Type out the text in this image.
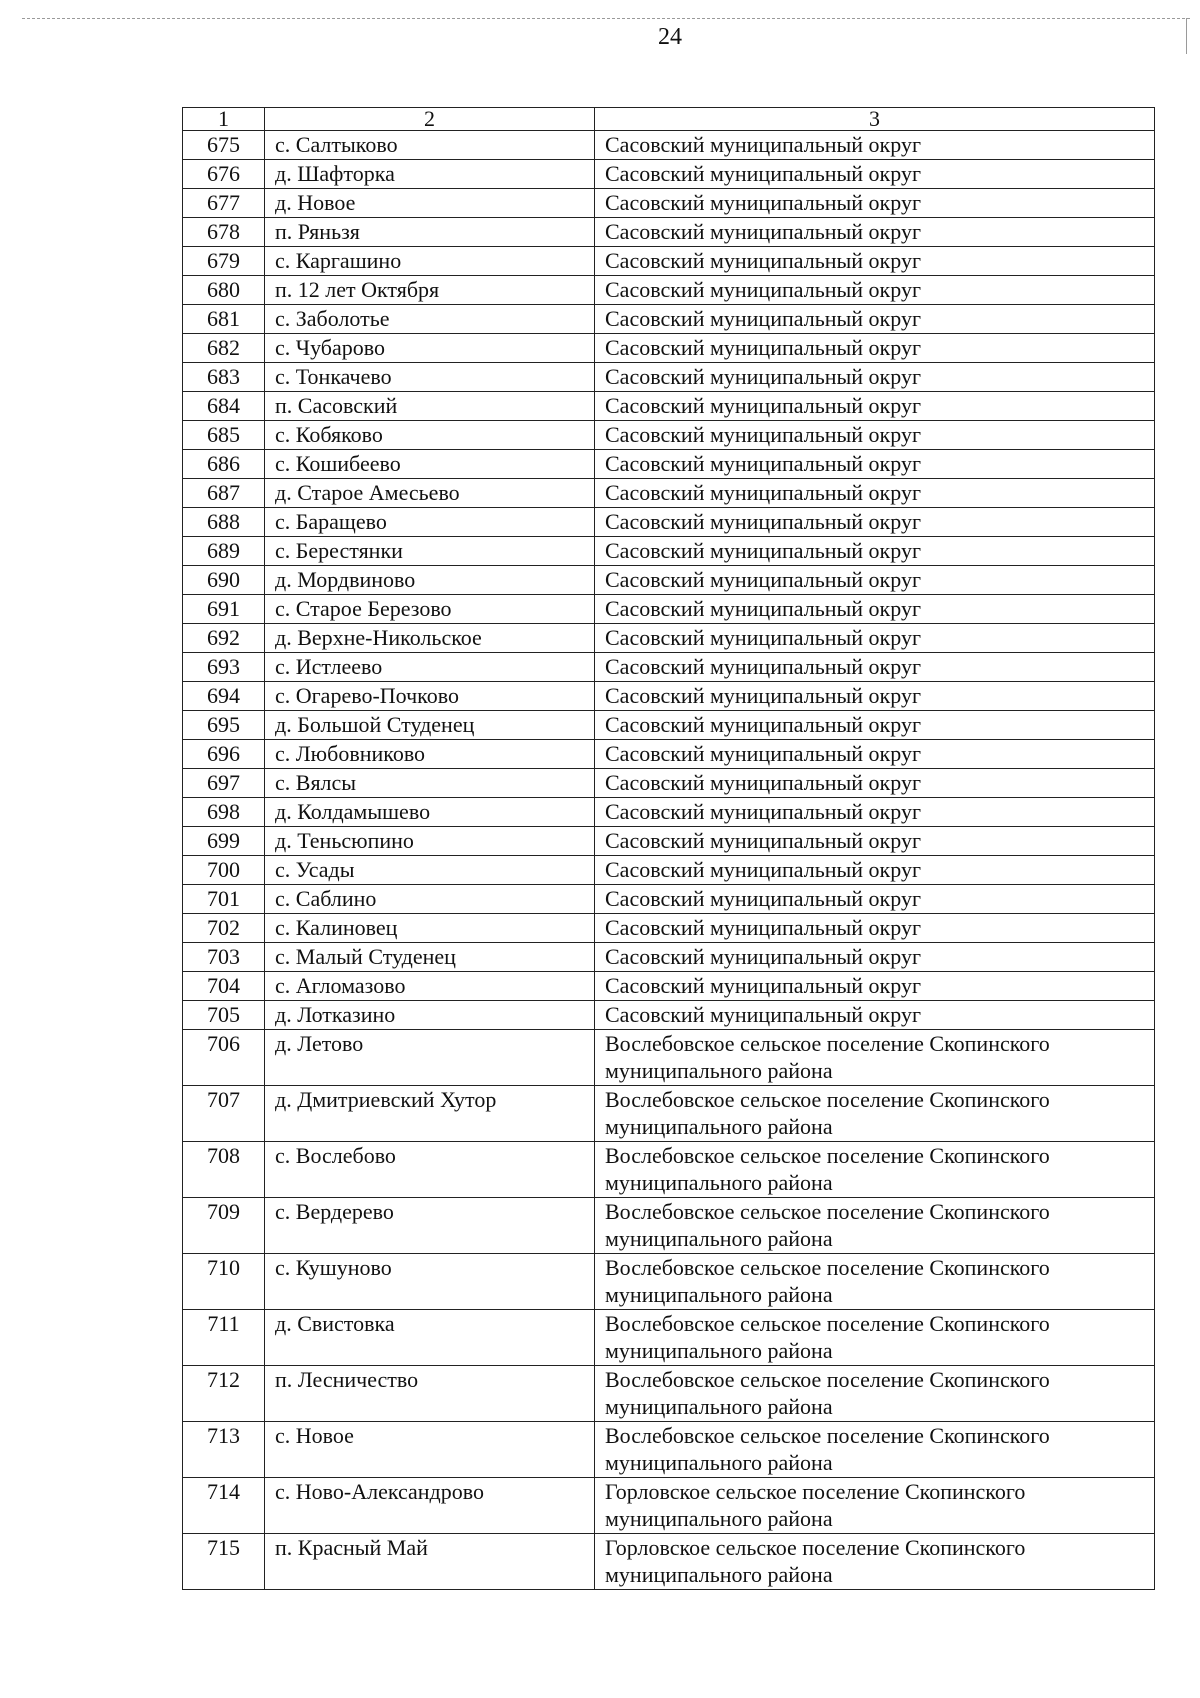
24
1	2	3
675	с. Салтыково	Сасовский муниципальный округ
676	д. Шафторка	Сасовский муниципальный округ
677	д. Новое	Сасовский муниципальный округ
678	п. Ряньзя	Сасовский муниципальный округ
679	с. Каргашино	Сасовский муниципальный округ
680	п. 12 лет Октября	Сасовский муниципальный округ
681	с. Заболотье	Сасовский муниципальный округ
682	с. Чубарово	Сасовский муниципальный округ
683	с. Тонкачево	Сасовский муниципальный округ
684	п. Сасовский	Сасовский муниципальный округ
685	с. Кобяково	Сасовский муниципальный округ
686	с. Кошибеево	Сасовский муниципальный округ
687	д. Старое Амесьево	Сасовский муниципальный округ
688	с. Баращево	Сасовский муниципальный округ
689	с. Берестянки	Сасовский муниципальный округ
690	д. Мордвиново	Сасовский муниципальный округ
691	с. Старое Березово	Сасовский муниципальный округ
692	д. Верхне-Никольское	Сасовский муниципальный округ
693	с. Истлеево	Сасовский муниципальный округ
694	с. Огарево-Почково	Сасовский муниципальный округ
695	д. Большой Студенец	Сасовский муниципальный округ
696	с. Любовниково	Сасовский муниципальный округ
697	с. Вялсы	Сасовский муниципальный округ
698	д. Колдамышево	Сасовский муниципальный округ
699	д. Теньсюпино	Сасовский муниципальный округ
700	с. Усады	Сасовский муниципальный округ
701	с. Саблино	Сасовский муниципальный округ
702	с. Калиновец	Сасовский муниципальный округ
703	с. Малый Студенец	Сасовский муниципальный округ
704	с. Агломазово	Сасовский муниципальный округ
705	д. Лотказино	Сасовский муниципальный округ
706	д. Летово	Вослебовское сельское поселение Скопинского муниципального района
707	д. Дмитриевский Хутор	Вослебовское сельское поселение Скопинского муниципального района
708	с. Вослебово	Вослебовское сельское поселение Скопинского муниципального района
709	с. Вердерево	Вослебовское сельское поселение Скопинского муниципального района
710	с. Кушуново	Вослебовское сельское поселение Скопинского муниципального района
711	д. Свистовка	Вослебовское сельское поселение Скопинского муниципального района
712	п. Лесничество	Вослебовское сельское поселение Скопинского муниципального района
713	с. Новое	Вослебовское сельское поселение Скопинского муниципального района
714	с. Ново-Александрово	Горловское сельское поселение Скопинского муниципального района
715	п. Красный Май	Горловское сельское поселение Скопинского муниципального района
